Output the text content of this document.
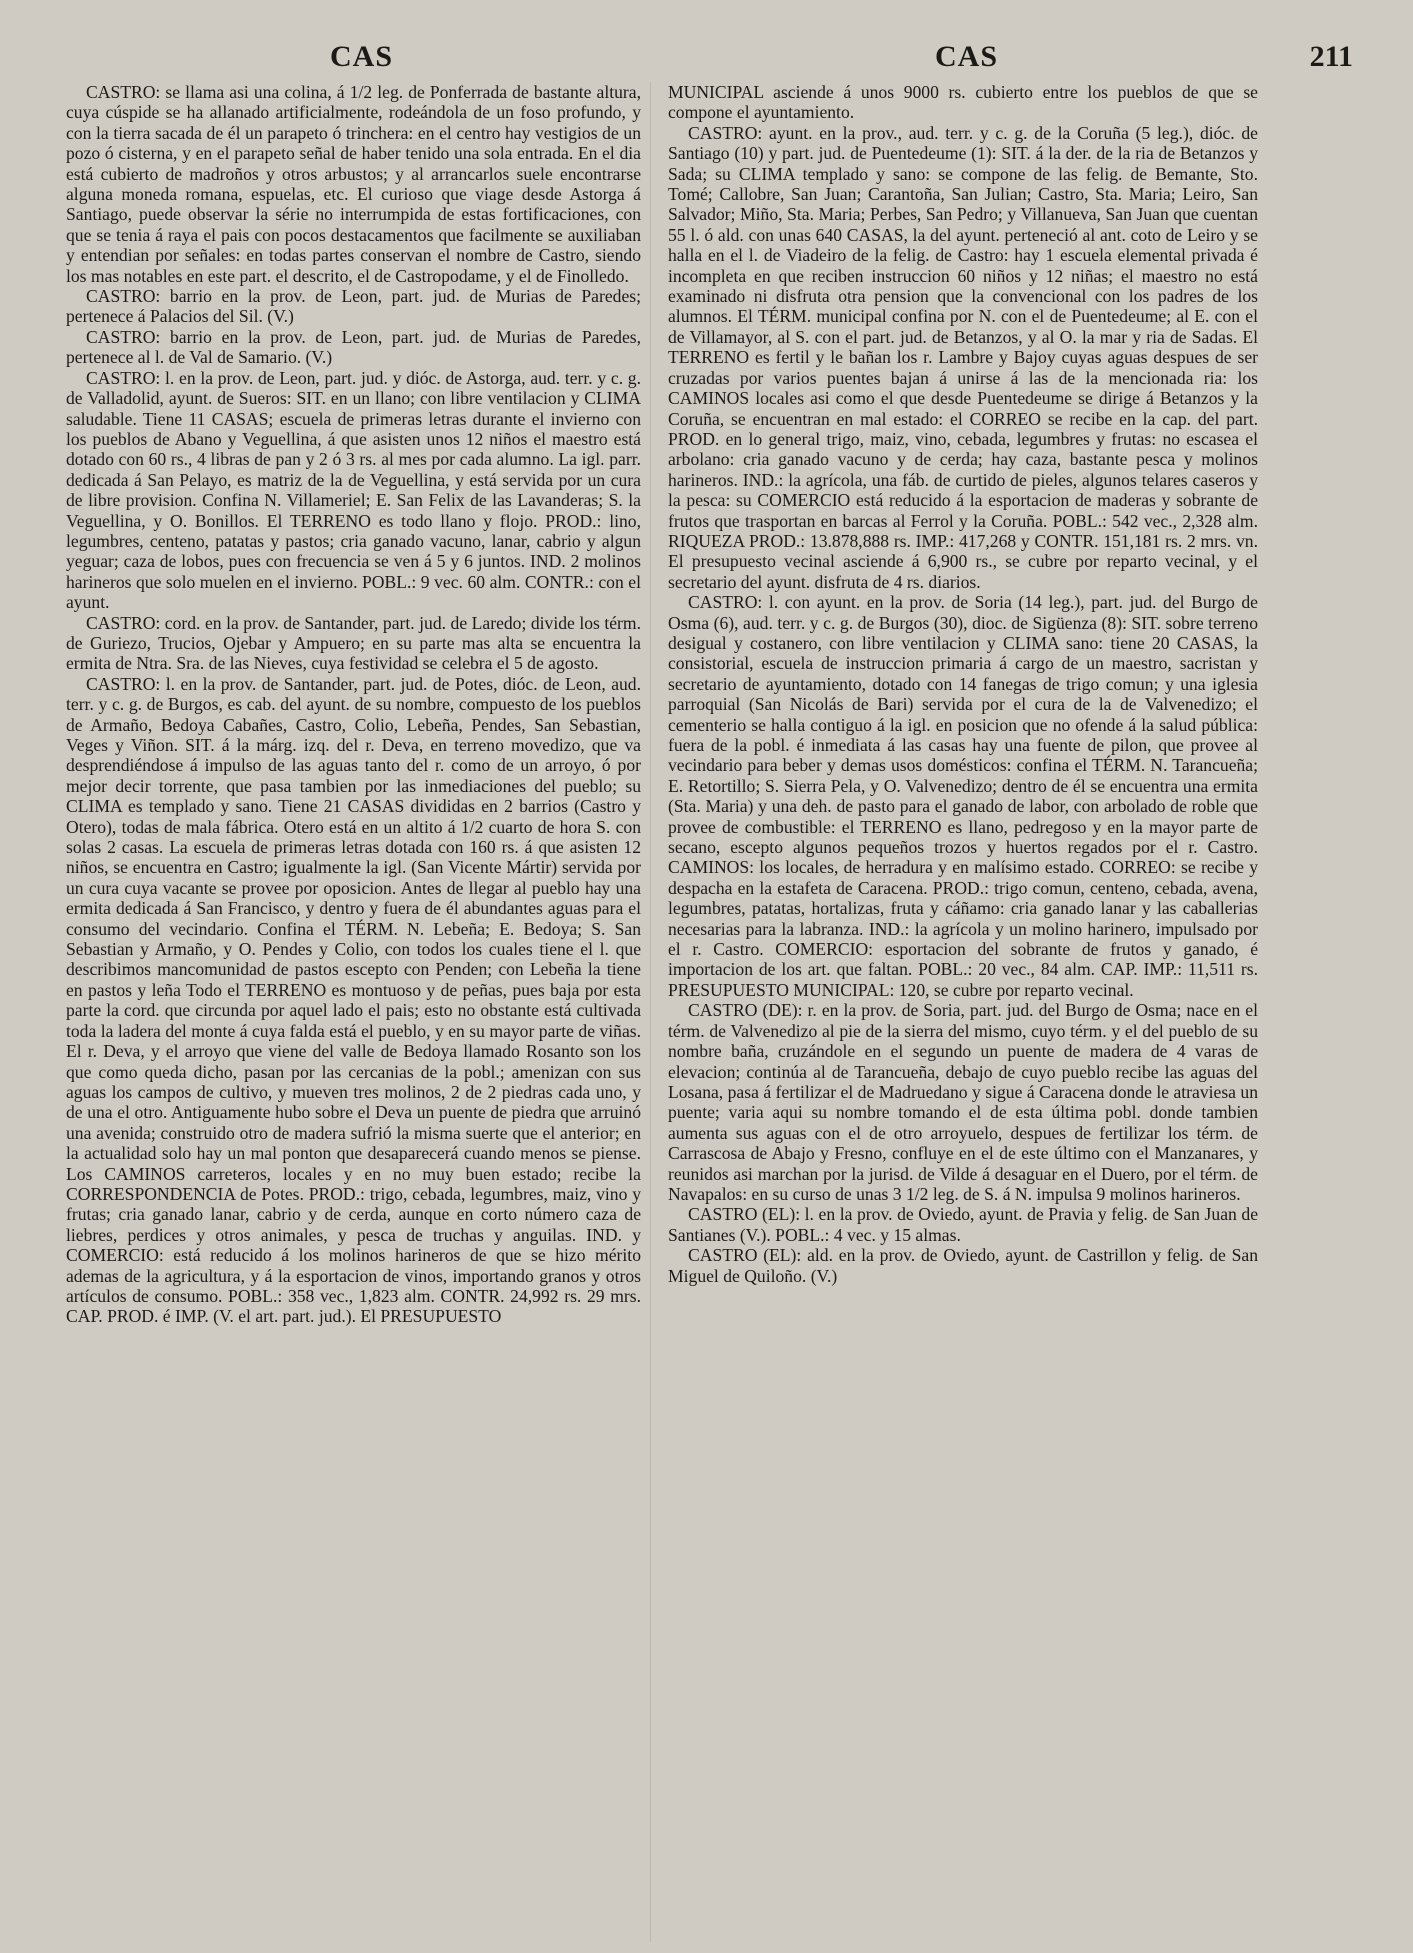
CAS	CAS	211

CASTRO: se llama asi una colina, á 1/2 leg. de Ponferrada de bastante altura, cuya cúspide se ha allanado artificialmente, rodeándola de un foso profundo, y con la tierra sacada de él un parapeto ó trinchera: en el centro hay vestigios de un pozo ó cisterna, y en el parapeto señal de haber tenido una sola entrada. En el dia está cubierto de madroños y otros arbustos; y al arrancarlos suele encontrarse alguna moneda romana, espuelas, etc. El curioso que viage desde Astorga á Santiago, puede observar la série no interrumpida de estas fortificaciones, con que se tenia á raya el pais con pocos destacamentos que facilmente se auxiliaban y entendian por señales: en todas partes conservan el nombre de Castro, siendo los mas notables en este part. el descrito, el de Castropodame, y el de Finolledo.

CASTRO: barrio en la prov. de Leon, part. jud. de Murias de Paredes; pertenece á Palacios del Sil. (V.)

CASTRO: barrio en la prov. de Leon, part. jud. de Murias de Paredes, pertenece al l. de Val de Samario. (V.)

CASTRO: l. en la prov. de Leon, part. jud. y dióc. de Astorga, aud. terr. y c. g. de Valladolid, ayunt. de Sueros: SIT. en un llano; con libre ventilacion y CLIMA saludable. Tiene 11 CASAS; escuela de primeras letras durante el invierno con los pueblos de Abano y Veguellina, á que asisten unos 12 niños el maestro está dotado con 60 rs., 4 libras de pan y 2 ó 3 rs. al mes por cada alumno. La igl. parr. dedicada á San Pelayo, es matriz de la de Veguellina, y está servida por un cura de libre provision. Confina N. Villameriel; E. San Felix de las Lavanderas; S. la Veguellina, y O. Bonillos. El TERRENO es todo llano y flojo. PROD.: lino, legumbres, centeno, patatas y pastos; cria ganado vacuno, lanar, cabrio y algun yeguar; caza de lobos, pues con frecuencia se ven á 5 y 6 juntos. IND. 2 molinos harineros que solo muelen en el invierno. POBL.: 9 vec. 60 alm. CONTR.: con el ayunt.

CASTRO: cord. en la prov. de Santander, part. jud. de Laredo; divide los térm. de Guriezo, Trucios, Ojebar y Ampuero; en su parte mas alta se encuentra la ermita de Ntra. Sra. de las Nieves, cuya festividad se celebra el 5 de agosto.

CASTRO: l. en la prov. de Santander, part. jud. de Potes, dióc. de Leon, aud. terr. y c. g. de Burgos, es cab. del ayunt. de su nombre, compuesto de los pueblos de Armaño, Bedoya Cabañes, Castro, Colio, Lebeña, Pendes, San Sebastian, Veges y Viñon. SIT. á la márg. izq. del r. Deva, en terreno movedizo, que va desprendiéndose á impulso de las aguas tanto del r. como de un arroyo, ó por mejor decir torrente, que pasa tambien por las inmediaciones del pueblo; su CLIMA es templado y sano. Tiene 21 CASAS divididas en 2 barrios (Castro y Otero), todas de mala fábrica. Otero está en un altito á 1/2 cuarto de hora S. con solas 2 casas. La escuela de primeras letras dotada con 160 rs. á que asisten 12 niños, se encuentra en Castro; igualmente la igl. (San Vicente Mártir) servida por un cura cuya vacante se provee por oposicion. Antes de llegar al pueblo hay una ermita dedicada á San Francisco, y dentro y fuera de él abundantes aguas para el consumo del vecindario. Confina el TÉRM. N. Lebeña; E. Bedoya; S. San Sebastian y Armaño, y O. Pendes y Colio, con todos los cuales tiene el l. que describimos mancomunidad de pastos escepto con Penden; con Lebeña la tiene en pastos y leña Todo el TERRENO es montuoso y de peñas, pues baja por esta parte la cord. que circunda por aquel lado el pais; esto no obstante está cultivada toda la ladera del monte á cuya falda está el pueblo, y en su mayor parte de viñas. El r. Deva, y el arroyo que viene del valle de Bedoya llamado Rosanto son los que como queda dicho, pasan por las cercanias de la pobl.; amenizan con sus aguas los campos de cultivo, y mueven tres molinos, 2 de 2 piedras cada uno, y de una el otro. Antiguamente hubo sobre el Deva un puente de piedra que arruinó una avenida; construido otro de madera sufrió la misma suerte que el anterior; en la actualidad solo hay un mal ponton que desaparecerá cuando menos se piense. Los CAMINOS carreteros, locales y en no muy buen estado; recibe la CORRESPONDENCIA de Potes. PROD.: trigo, cebada, legumbres, maiz, vino y frutas; cria ganado lanar, cabrio y de cerda, aunque en corto número caza de liebres, perdices y otros animales, y pesca de truchas y anguilas. IND. y COMERCIO: está reducido á los molinos harineros de que se hizo mérito ademas de la agricultura, y á la esportacion de vinos, importando granos y otros artículos de consumo. POBL.: 358 vec., 1,823 alm. CONTR. 24,992 rs. 29 mrs. CAP. PROD. é IMP. (V. el art. part. jud.). El PRESUPUESTO

MUNICIPAL asciende á unos 9000 rs. cubierto entre los pueblos de que se compone el ayuntamiento.

CASTRO: ayunt. en la prov., aud. terr. y c. g. de la Coruña (5 leg.), dióc. de Santiago (10) y part. jud. de Puentedeume (1): SIT. á la der. de la ria de Betanzos y Sada; su CLIMA templado y sano: se compone de las felig. de Bemante, Sto. Tomé; Callobre, San Juan; Carantoña, San Julian; Castro, Sta. Maria; Leiro, San Salvador; Miño, Sta. Maria; Perbes, San Pedro; y Villanueva, San Juan que cuentan 55 l. ó ald. con unas 640 CASAS, la del ayunt. perteneció al ant. coto de Leiro y se halla en el l. de Viadeiro de la felig. de Castro: hay 1 escuela elemental privada é incompleta en que reciben instruccion 60 niños y 12 niñas; el maestro no está examinado ni disfruta otra pension que la convencional con los padres de los alumnos. El TÉRM. municipal confina por N. con el de Puentedeume; al E. con el de Villamayor, al S. con el part. jud. de Betanzos, y al O. la mar y ria de Sadas. El TERRENO es fertil y le bañan los r. Lambre y Bajoy cuyas aguas despues de ser cruzadas por varios puentes bajan á unirse á las de la mencionada ria: los CAMINOS locales asi como el que desde Puentedeume se dirige á Betanzos y la Coruña, se encuentran en mal estado: el CORREO se recibe en la cap. del part. PROD. en lo general trigo, maiz, vino, cebada, legumbres y frutas: no escasea el arbolano: cria ganado vacuno y de cerda; hay caza, bastante pesca y molinos harineros. IND.: la agrícola, una fáb. de curtido de pieles, algunos telares caseros y la pesca: su COMERCIO está reducido á la esportacion de maderas y sobrante de frutos que trasportan en barcas al Ferrol y la Coruña. POBL.: 542 vec., 2,328 alm. RIQUEZA PROD.: 13.878,888 rs. IMP.: 417,268 y CONTR. 151,181 rs. 2 mrs. vn. El presupuesto vecinal asciende á 6,900 rs., se cubre por reparto vecinal, y el secretario del ayunt. disfruta de 4 rs. diarios.

CASTRO: l. con ayunt. en la prov. de Soria (14 leg.), part. jud. del Burgo de Osma (6), aud. terr. y c. g. de Burgos (30), dioc. de Sigüenza (8): SIT. sobre terreno desigual y costanero, con libre ventilacion y CLIMA sano: tiene 20 CASAS, la consistorial, escuela de instruccion primaria á cargo de un maestro, sacristan y secretario de ayuntamiento, dotado con 14 fanegas de trigo comun; y una iglesia parroquial (San Nicolás de Bari) servida por el cura de la de Valvenedizo; el cementerio se halla contiguo á la igl. en posicion que no ofende á la salud pública: fuera de la pobl. é inmediata á las casas hay una fuente de pilon, que provee al vecindario para beber y demas usos domésticos: confina el TÉRM. N. Tarancueña; E. Retortillo; S. Sierra Pela, y O. Valvenedizo; dentro de él se encuentra una ermita (Sta. Maria) y una deh. de pasto para el ganado de labor, con arbolado de roble que provee de combustible: el TERRENO es llano, pedregoso y en la mayor parte de secano, escepto algunos pequeños trozos y huertos regados por el r. Castro. CAMINOS: los locales, de herradura y en malísimo estado. CORREO: se recibe y despacha en la estafeta de Caracena. PROD.: trigo comun, centeno, cebada, avena, legumbres, patatas, hortalizas, fruta y cáñamo: cria ganado lanar y las caballerias necesarias para la labranza. IND.: la agrícola y un molino harinero, impulsado por el r. Castro. COMERCIO: esportacion del sobrante de frutos y ganado, é importacion de los art. que faltan. POBL.: 20 vec., 84 alm. CAP. IMP.: 11,511 rs. PRESUPUESTO MUNICIPAL: 120, se cubre por reparto vecinal.

CASTRO (DE): r. en la prov. de Soria, part. jud. del Burgo de Osma; nace en el térm. de Valvenedizo al pie de la sierra del mismo, cuyo térm. y el del pueblo de su nombre baña, cruzándole en el segundo un puente de madera de 4 varas de elevacion; continúa al de Tarancueña, debajo de cuyo pueblo recibe las aguas del Losana, pasa á fertilizar el de Madruedano y sigue á Caracena donde le atraviesa un puente; varia aqui su nombre tomando el de esta última pobl. donde tambien aumenta sus aguas con el de otro arroyuelo, despues de fertilizar los térm. de Carrascosa de Abajo y Fresno, confluye en el de este último con el Manzanares, y reunidos asi marchan por la jurisd. de Vilde á desaguar en el Duero, por el térm. de Navapalos: en su curso de unas 3 1/2 leg. de S. á N. impulsa 9 molinos harineros.

CASTRO (EL): l. en la prov. de Oviedo, ayunt. de Pravia y felig. de San Juan de Santianes (V.). POBL.: 4 vec. y 15 almas.

CASTRO (EL): ald. en la prov. de Oviedo, ayunt. de Castrillon y felig. de San Miguel de Quiloño. (V.)
